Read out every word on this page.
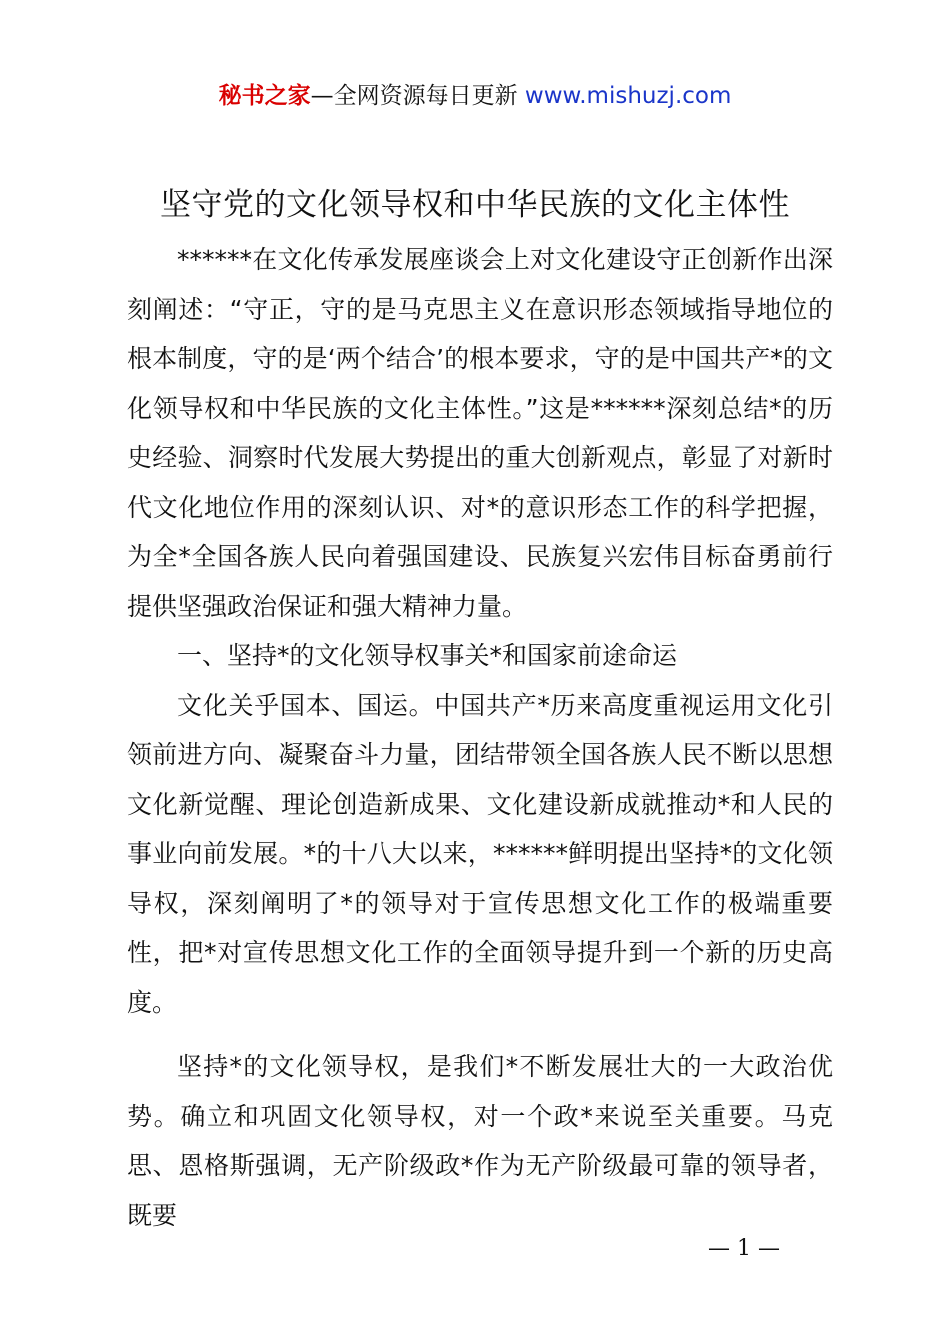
秘书之家—全网资源每日更新 www.mishuzj.com
坚守党的文化领导权和中华民族的文化主体性

******在文化传承发展座谈会上对文化建设守正创新作出深刻阐述：“守正，守的是马克思主义在意识形态领域指导地位的根本制度，守的是‘两个结合’的根本要求，守的是中国共产*的文化领导权和中华民族的文化主体性。”这是******深刻总结*的历史经验、洞察时代发展大势提出的重大创新观点，彰显了对新时代文化地位作用的深刻认识、对*的意识形态工作的科学把握，为全*全国各族人民向着强国建设、民族复兴宏伟目标奋勇前行提供坚强政治保证和强大精神力量。

一、坚持*的文化领导权事关*和国家前途命运

文化关乎国本、国运。中国共产*历来高度重视运用文化引领前进方向、凝聚奋斗力量，团结带领全国各族人民不断以思想文化新觉醒、理论创造新成果、文化建设新成就推动*和人民的事业向前发展。*的十八大以来，******鲜明提出坚持*的文化领导权，深刻阐明了*的领导对于宣传思想文化工作的极端重要性，把*对宣传思想文化工作的全面领导提升到一个新的历史高度。

坚持*的文化领导权，是我们*不断发展壮大的一大政治优势。确立和巩固文化领导权，对一个政*来说至关重要。马克思、恩格斯强调，无产阶级政*作为无产阶级最可靠的领导者，既要

— 1 —
